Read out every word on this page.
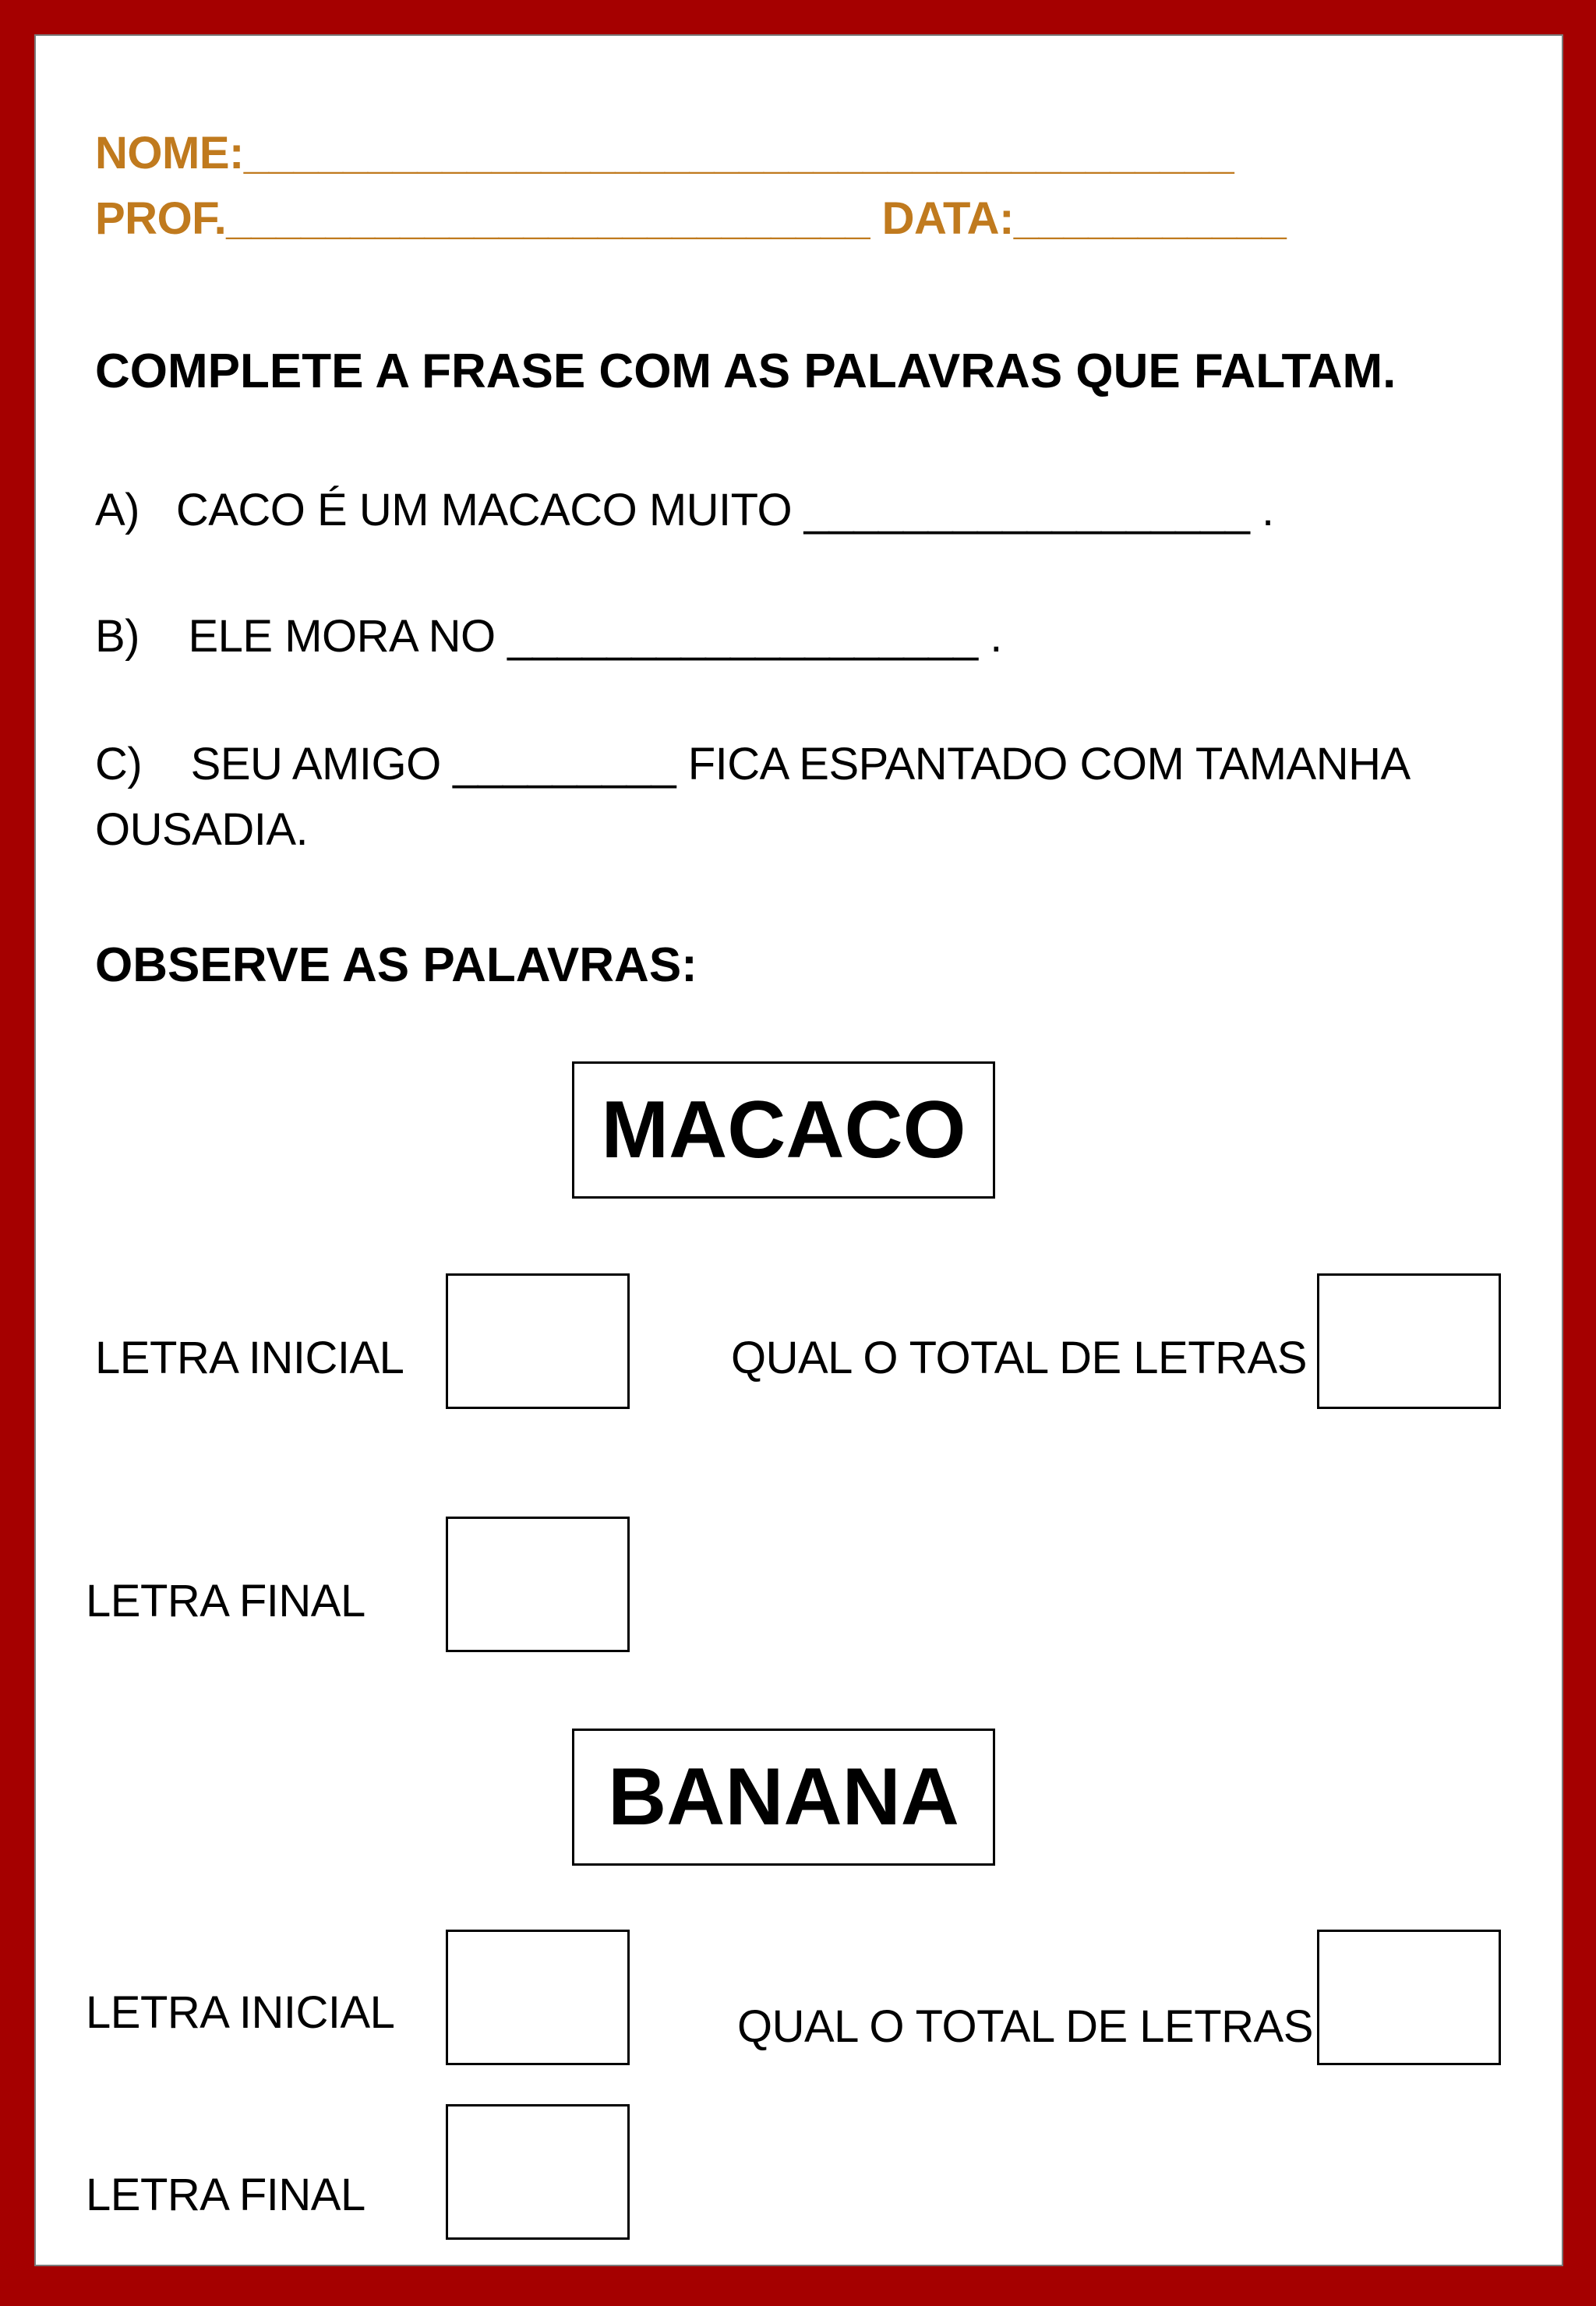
NOME:________________________________________

PROF.__________________________ DATA:___________

COMPLETE A FRASE COM AS PALAVRAS QUE FALTAM.

A) CACO É UM MACACO MUITO __________________ .

B) ELE MORA NO ___________________ .

C) SEU AMIGO _________ FICA ESPANTADO COM TAMANHA

OUSADIA.

OBSERVE AS PALAVRAS:

MACACO

LETRA INICIAL	QUAL O TOTAL DE LETRAS

LETRA FINAL

BANANA

LETRA INICIAL	QUAL O TOTAL DE LETRAS

LETRA FINAL
